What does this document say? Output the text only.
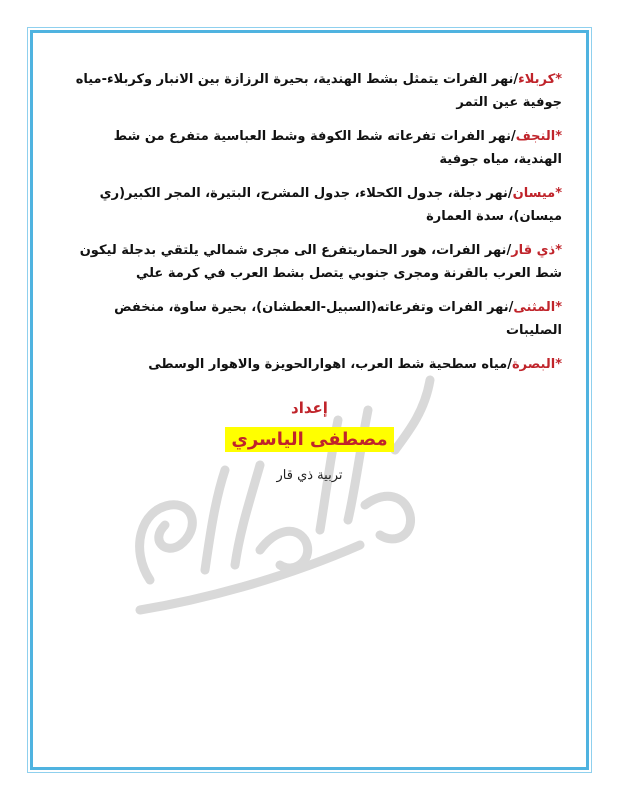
*كربلاء/نهر الفرات يتمثل بشط الهندية، بحيرة الرزازة بين الانبار وكربلاء-مياه جوفية عين التمر

*النجف/نهر الفرات تفرعاته شط الكوفة وشط العباسية متفرع من شط الهندية، مياه جوفية

*ميسان/نهر دجلة، جدول الكحلاء، جدول المشرح، البتيرة، المجر الكبير(ري ميسان)، سدة العمارة

*ذي قار/نهر الفرات، هور الحماريتفرع الى مجرى شمالي يلتقي بدجلة ليكون شط العرب بالقرنة ومجرى جنوبي يتصل بشط العرب في كرمة علي

*المثنى/نهر الفرات وتفرعاته(السبيل-العطشان)، بحيرة ساوة، منخفض الصليبات

*البصرة/مياه سطحية شط العرب، اهوارالحويزة والاهوار الوسطى

إعداد
مصطفى الياسري
تربية ذي قار
